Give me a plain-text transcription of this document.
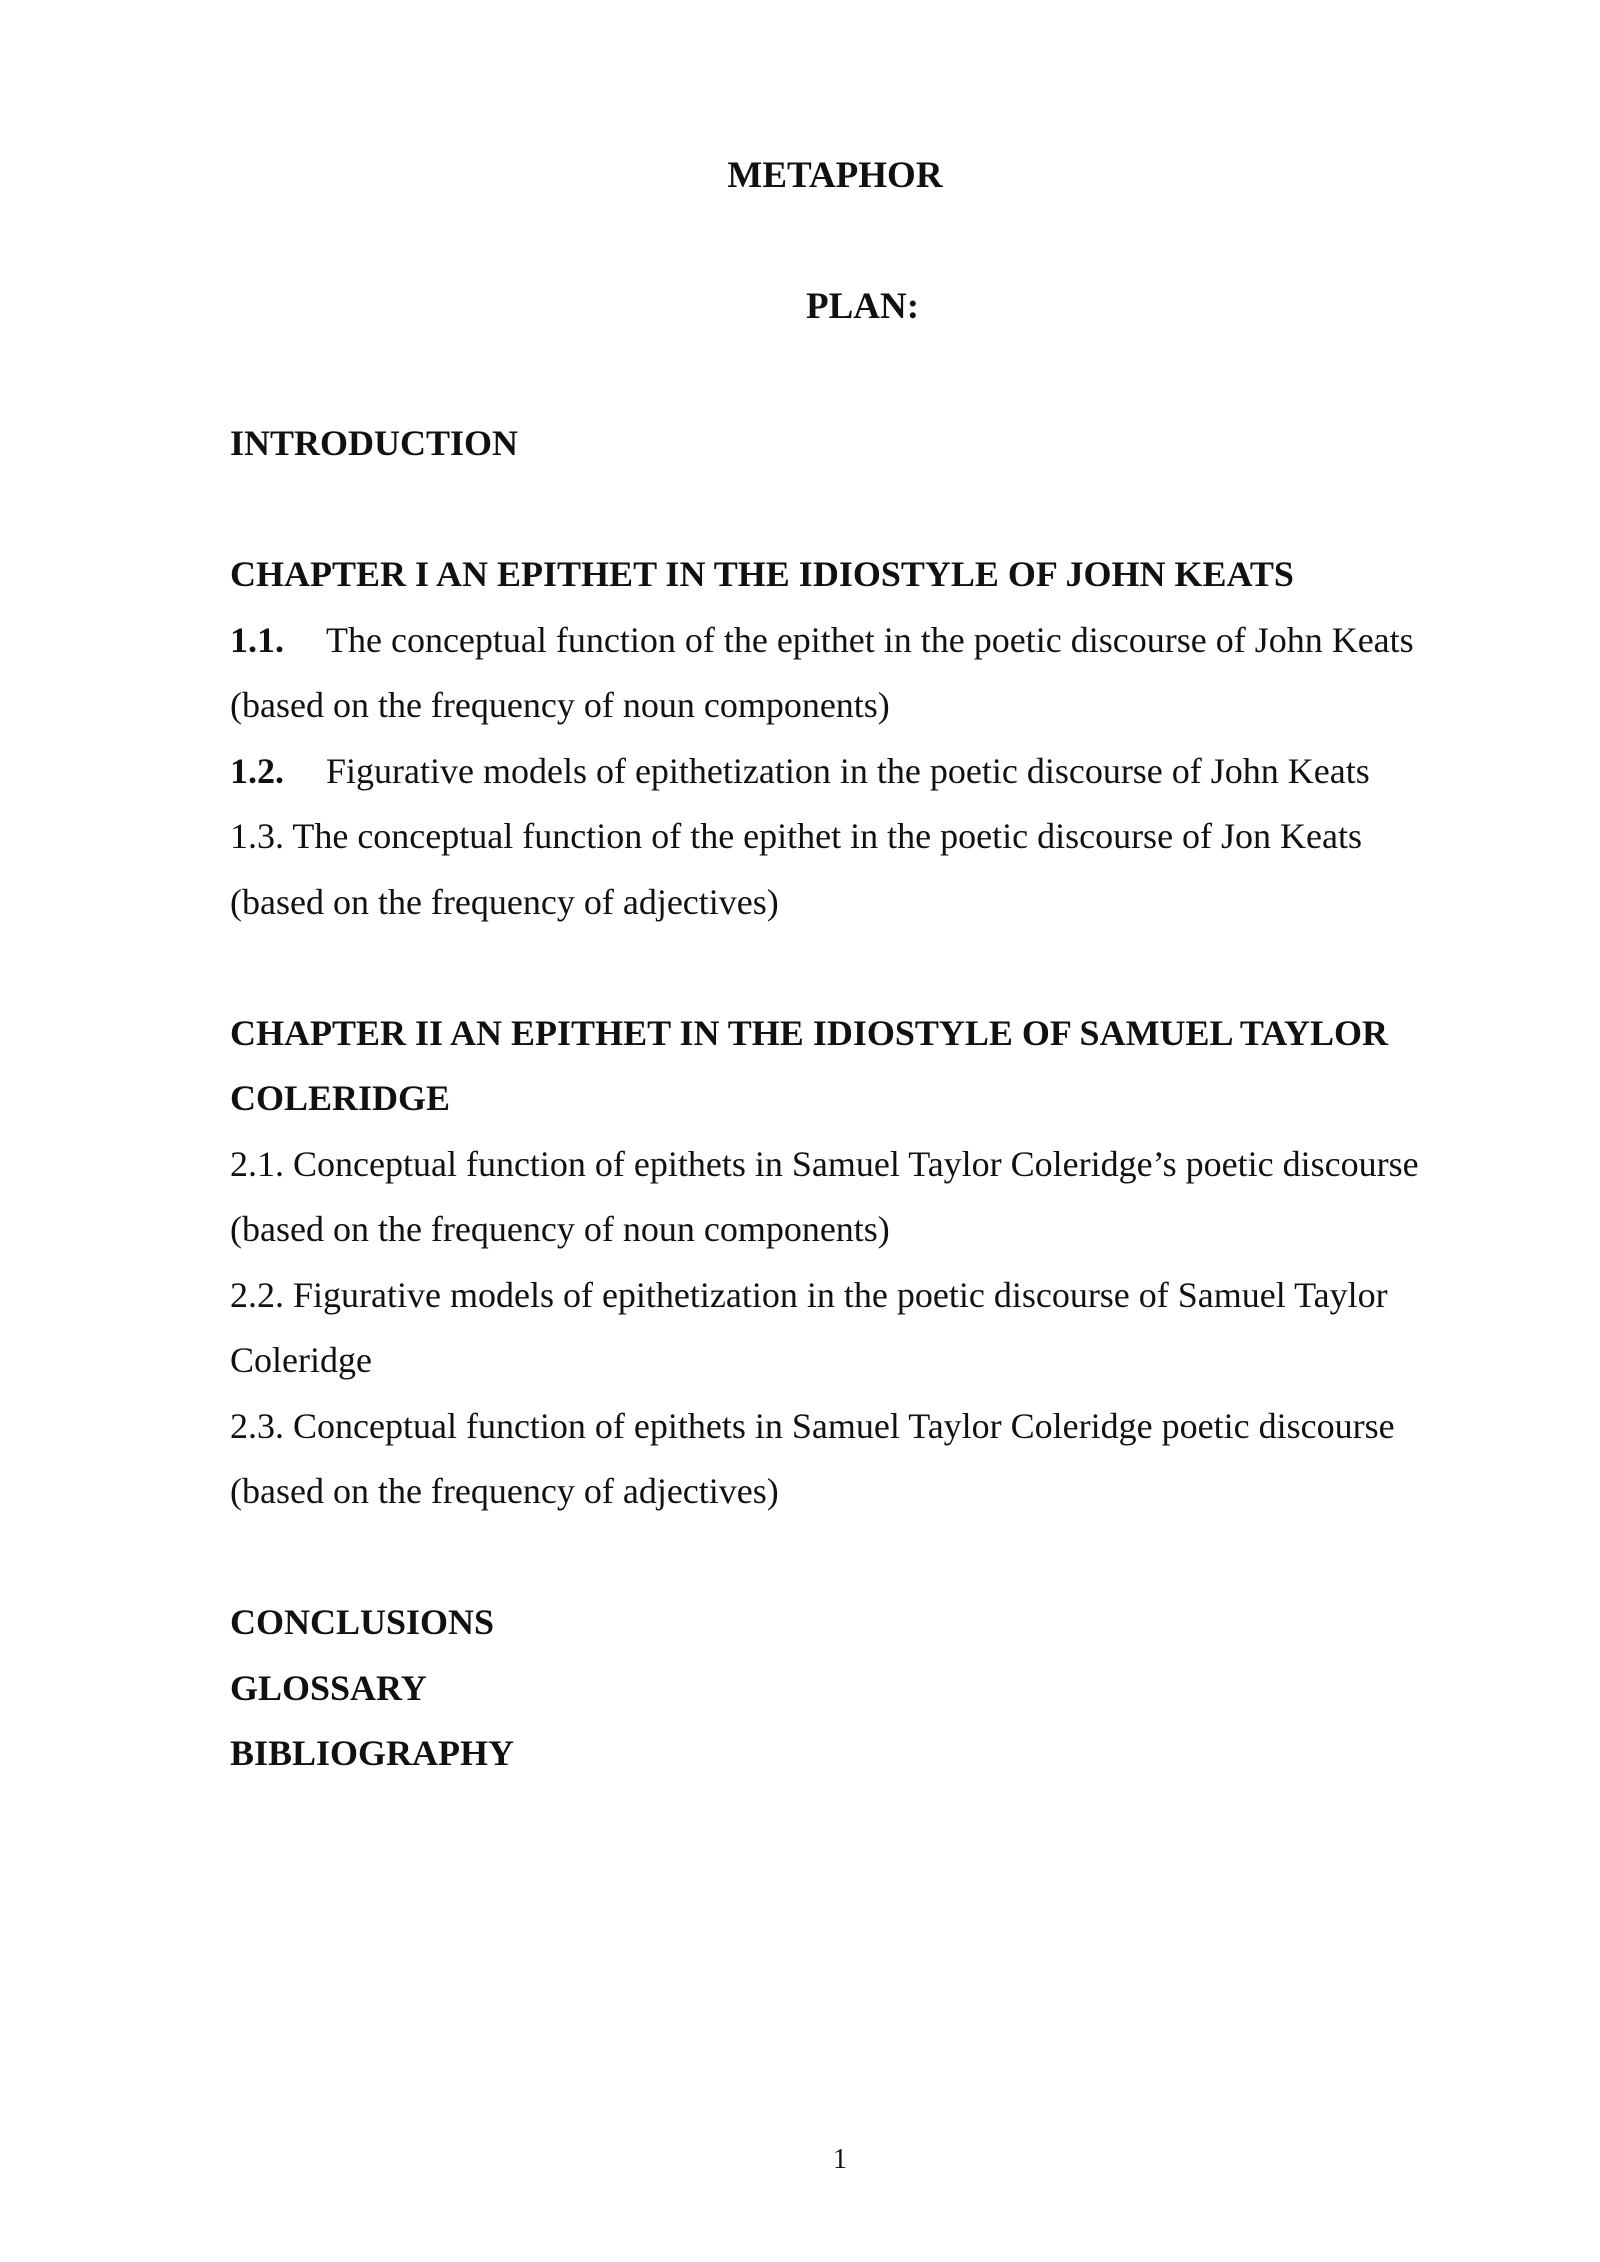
METAPHOR
PLAN:
INTRODUCTION
CHAPTER I AN EPITHET IN THE IDIOSTYLE OF JOHN KEATS
1.1. The conceptual function of the epithet in the poetic discourse of John Keats
(based on the frequency of noun components)
1.2. Figurative models of epithetization in the poetic discourse of John Keats
1.3. The conceptual function of the epithet in the poetic discourse of Jon Keats
(based on the frequency of adjectives)
CHAPTER II AN EPITHET IN THE IDIOSTYLE OF SAMUEL TAYLOR
COLERIDGE
2.1. Conceptual function of epithets in Samuel Taylor Coleridge’s poetic discourse
(based on the frequency of noun components)
2.2. Figurative models of epithetization in the poetic discourse of Samuel Taylor
Coleridge
2.3. Conceptual function of epithets in Samuel Taylor Coleridge poetic discourse
(based on the frequency of adjectives)
CONCLUSIONS
GLOSSARY
BIBLIOGRAPHY
1
